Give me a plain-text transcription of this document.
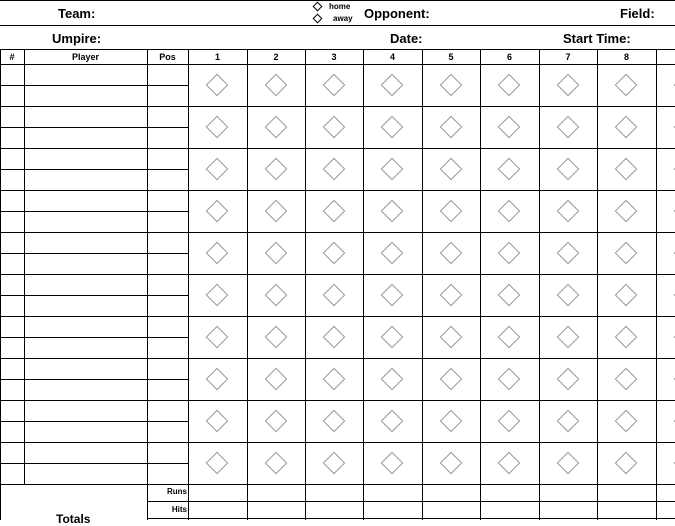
Team:	home
away Opponent:	Field:
Umpire:	Date:	Start Time:
#	Player	Pos	1	2	3	4	5	6	7	8
Totals
Runs
Hits
